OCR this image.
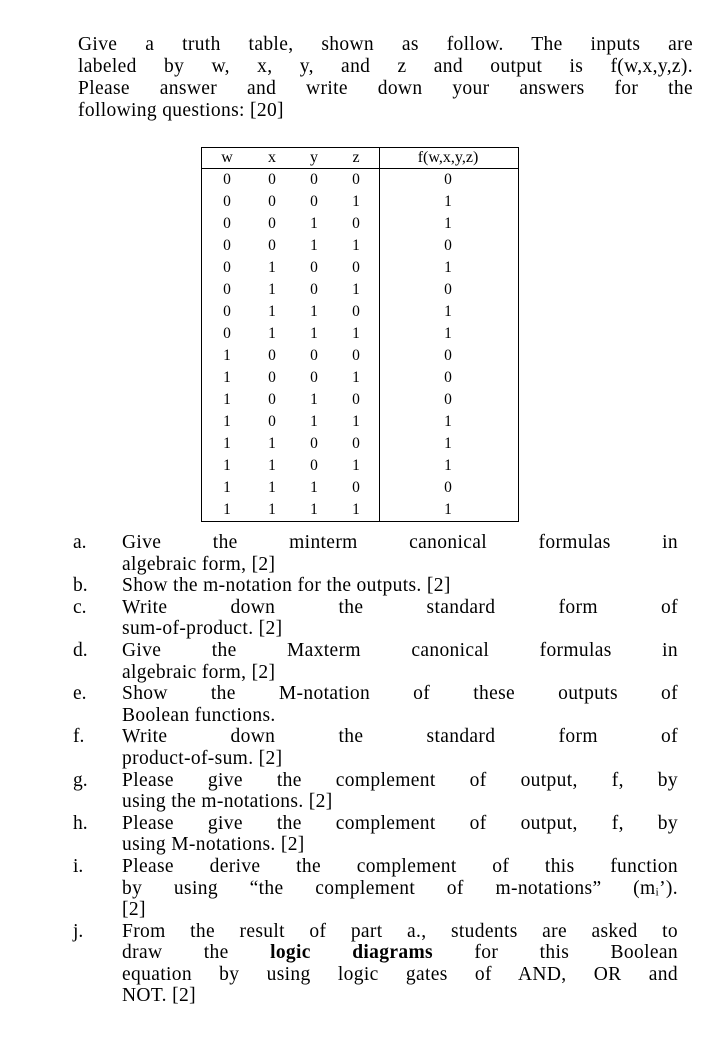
Give a truth table, shown as follow. The inputs are
labeled by w, x, y, and z and output is f(w,x,y,z).
Please answer and write down your answers for the
following questions: [20]
w	x	y	z	f(w,x,y,z)
0	0	0	0	0
0	0	0	1	1
0	0	1	0	1
0	0	1	1	0
0	1	0	0	1
0	1	0	1	0
0	1	1	0	1
0	1	1	1	1
1	0	0	0	0
1	0	0	1	0
1	0	1	0	0
1	0	1	1	1
1	1	0	0	1
1	1	0	1	1
1	1	1	0	0
1	1	1	1	1
a. Give the minterm canonical formulas in
algebraic form, [2]
b. Show the m-notation for the outputs. [2]
c. Write down the standard form of
sum-of-product. [2]
d. Give the Maxterm canonical formulas in
algebraic form, [2]
e. Show the M-notation of these outputs of
Boolean functions.
f. Write down the standard form of
product-of-sum. [2]
g. Please give the complement of output, f, by
using the m-notations. [2]
h. Please give the complement of output, f, by
using M-notations. [2]
i. Please derive the complement of this function
by using “the complement of m-notations” (mᵢ’).
[2]
j. From the result of part a., students are asked to
draw the logic diagrams for this Boolean
equation by using logic gates of AND, OR and
NOT. [2]
